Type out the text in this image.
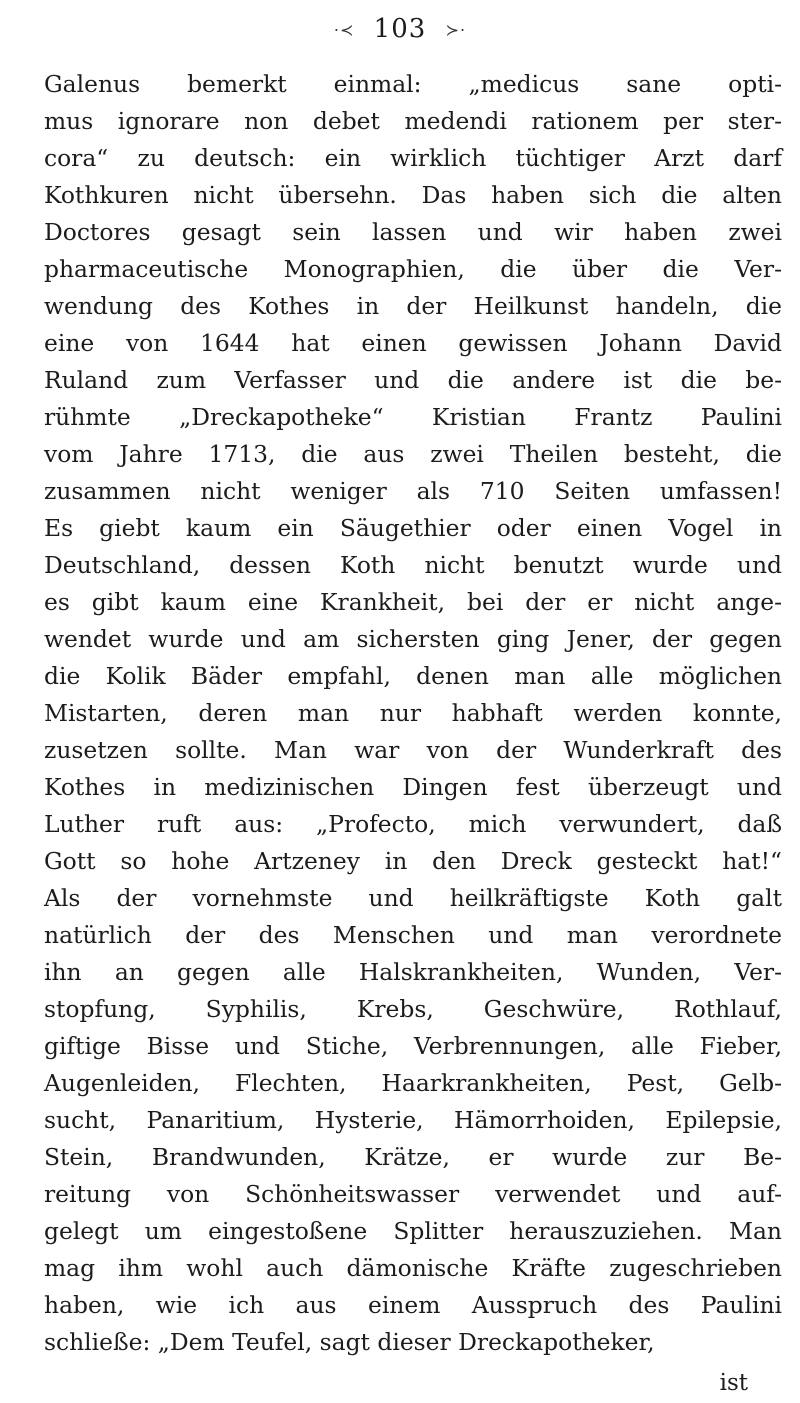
·≺ 103 ≻·
Galenus bemerkt einmal: „medicus sane opti-
mus ignorare non debet medendi rationem per ster-
cora“ zu deutsch: ein wirklich tüchtiger Arzt darf
Kothkuren nicht übersehn. Das haben sich die alten
Doctores gesagt sein lassen und wir haben zwei
pharmaceutische Monographien, die über die Ver-
wendung des Kothes in der Heilkunst handeln, die
eine von 1644 hat einen gewissen Johann David
Ruland zum Verfasser und die andere ist die be-
rühmte „Dreckapotheke“ Kristian Frantz Paulini
vom Jahre 1713, die aus zwei Theilen besteht, die
zusammen nicht weniger als 710 Seiten umfassen!
Es giebt kaum ein Säugethier oder einen Vogel in
Deutschland, dessen Koth nicht benutzt wurde und
es gibt kaum eine Krankheit, bei der er nicht ange-
wendet wurde und am sichersten ging Jener, der gegen
die Kolik Bäder empfahl, denen man alle möglichen
Mistarten, deren man nur habhaft werden konnte,
zusetzen sollte. Man war von der Wunderkraft des
Kothes in medizinischen Dingen fest überzeugt und
Luther ruft aus: „Profecto, mich verwundert, daß
Gott so hohe Artzeney in den Dreck gesteckt hat!“
Als der vornehmste und heilkräftigste Koth galt
natürlich der des Menschen und man verordnete
ihn an gegen alle Halskrankheiten, Wunden, Ver-
stopfung, Syphilis, Krebs, Geschwüre, Rothlauf,
giftige Bisse und Stiche, Verbrennungen, alle Fieber,
Augenleiden, Flechten, Haarkrankheiten, Pest, Gelb-
sucht, Panaritium, Hysterie, Hämorrhoiden, Epilepsie,
Stein, Brandwunden, Krätze, er wurde zur Be-
reitung von Schönheitswasser verwendet und auf-
gelegt um eingestoßene Splitter herauszuziehen. Man
mag ihm wohl auch dämonische Kräfte zugeschrieben
haben, wie ich aus einem Ausspruch des Paulini
schließe: „Dem Teufel, sagt dieser Dreckapotheker,
ist
